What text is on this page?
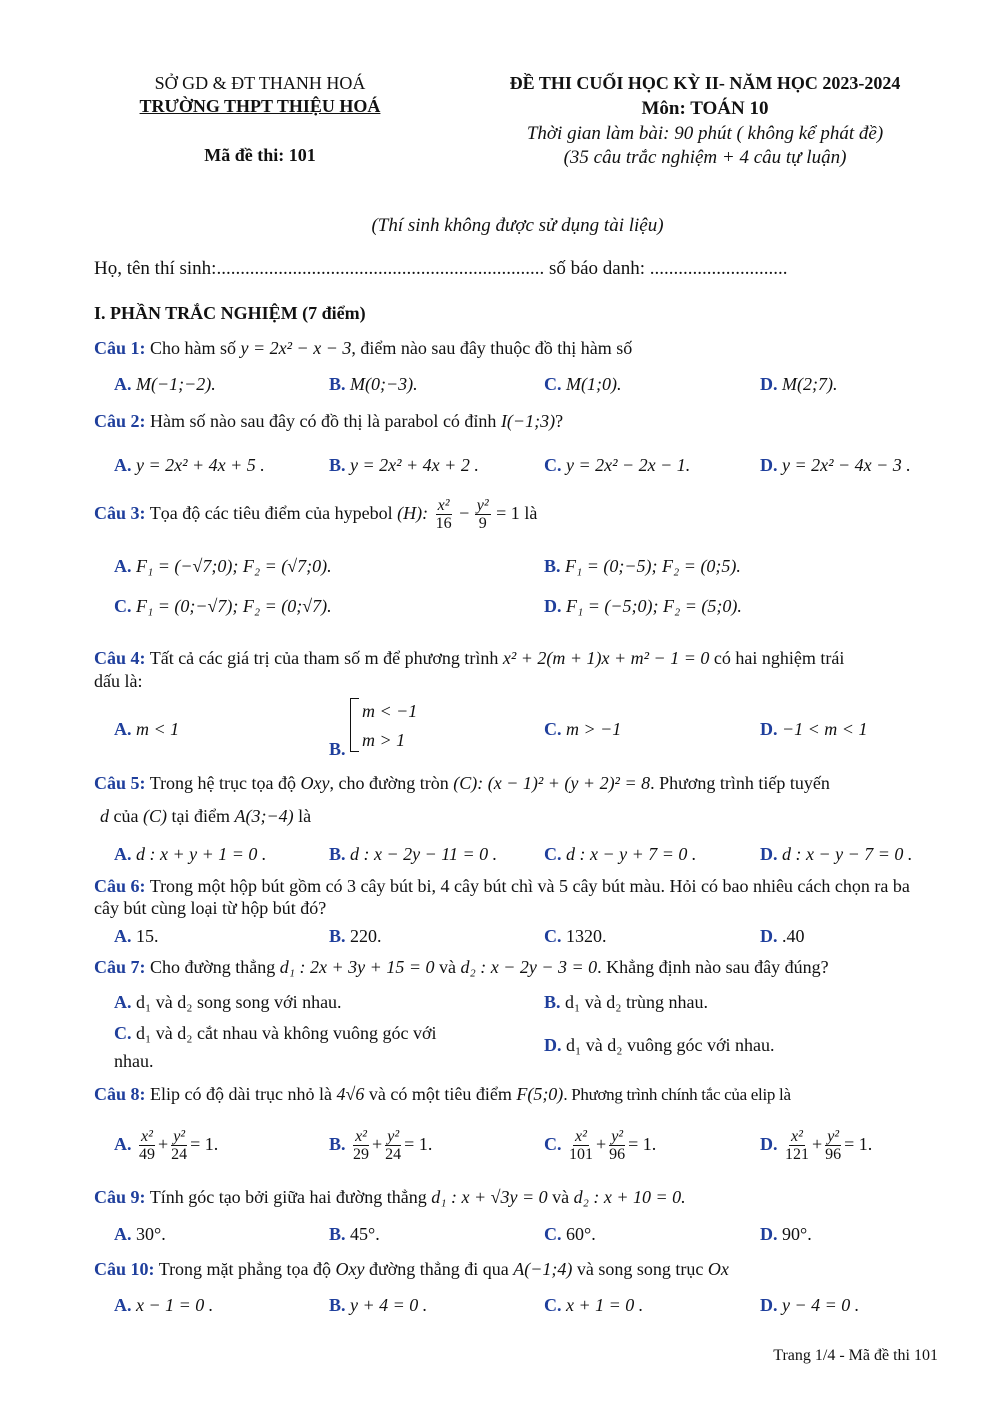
SỞ GD & ĐT THANH HOÁ
TRƯỜNG THPT THIỆU HOÁ
Mã đề thi: 101
ĐỀ THI CUỐI HỌC KỲ II- NĂM HỌC 2023-2024
Môn: TOÁN 10
Thời gian làm bài: 90 phút ( không kể phát đề)
(35 câu trắc nghiệm + 4 câu tự luận)
(Thí sinh không được sử dụng tài liệu)
Họ, tên thí sinh:..................................................................... số báo danh: .............................
I. PHẦN TRẮC NGHIỆM (7 điểm)
Câu 1: Cho hàm số y = 2x² − x − 3, điểm nào sau đây thuộc đồ thị hàm số
A. M(−1;−2).	B. M(0;−3).	C. M(1;0).	D. M(2;7).
Câu 2: Hàm số nào sau đây có đồ thị là parabol có đỉnh I(−1;3)?
A. y = 2x² + 4x + 5 .	B. y = 2x² + 4x + 2 .	C. y = 2x² − 2x − 1.	D. y = 2x² − 4x − 3 .
Câu 3: Tọa độ các tiêu điểm của hypebol (H): $\frac{\text{x²}}{16} - \frac{\text{y²}}{9} = 1$ là
A. F₁ = (−√7;0); F₂ = (√7;0).	B. F₁ = (0;−5); F₂ = (0;5).
C. F₁ = (0;−√7); F₂ = (0;√7).	D. F₁ = (−5;0); F₂ = (5;0).
Câu 4: Tất cả các giá trị của tham số m để phương trình x² + 2(m + 1)x + m² − 1 = 0 có hai nghiệm trái
dấu là:
A. m < 1
B.
m < −1
m > 1
C. m > −1	D. −1 < m < 1
Câu 5: Trong hệ trục tọa độ Oxy, cho đường tròn (C): (x − 1)² + (y + 2)² = 8. Phương trình tiếp tuyến
d của (C) tại điểm A(3;−4) là
A. d : x + y + 1 = 0 .	B. d : x − 2y − 11 = 0 .	C. d : x − y + 7 = 0 .	D. d : x − y − 7 = 0 .
Câu 6: Trong một hộp bút gồm có 3 cây bút bi, 4 cây bút chì và 5 cây bút màu. Hỏi có bao nhiêu cách chọn ra ba cây bút cùng loại từ hộp bút đó?
A. 15.	B. 220.	C. 1320.	D. .40
Câu 7: Cho đường thẳng d₁ : 2x + 3y + 15 = 0 và d₂ : x − 2y − 3 = 0. Khẳng định nào sau đây đúng?
A. d₁ và d₂ song song với nhau.	B. d₁ và d₂ trùng nhau.
C. d₁ và d₂ cắt nhau và không vuông góc với
nhau.
D. d₁ và d₂ vuông góc với nhau.
Câu 8: Elip có độ dài trục nhỏ là 4√6 và có một tiêu điểm F(5;0). Phương trình chính tắc của elip là
A. $\frac{\text{x²}}{49} + \frac{\text{y²}}{24} = 1$.	B. $\frac{\text{x²}}{29} + \frac{\text{y²}}{24} = 1$.	C. $\frac{\text{x²}}{101} + \frac{\text{y²}}{96} = 1$.	D. $\frac{\text{x²}}{121} + \frac{\text{y²}}{96} = 1$.
Câu 9: Tính góc tạo bởi giữa hai đường thẳng d₁ : x + √3y = 0 và d₂ : x + 10 = 0.
A. 30°.	B. 45°.	C. 60°.	D. 90°.
Câu 10: Trong mặt phẳng tọa độ Oxy đường thẳng đi qua A(−1;4) và song song trục Ox
A. x − 1 = 0 .	B. y + 4 = 0 .	C. x + 1 = 0 .	D. y − 4 = 0 .
Trang 1/4 - Mã đề thi 101
